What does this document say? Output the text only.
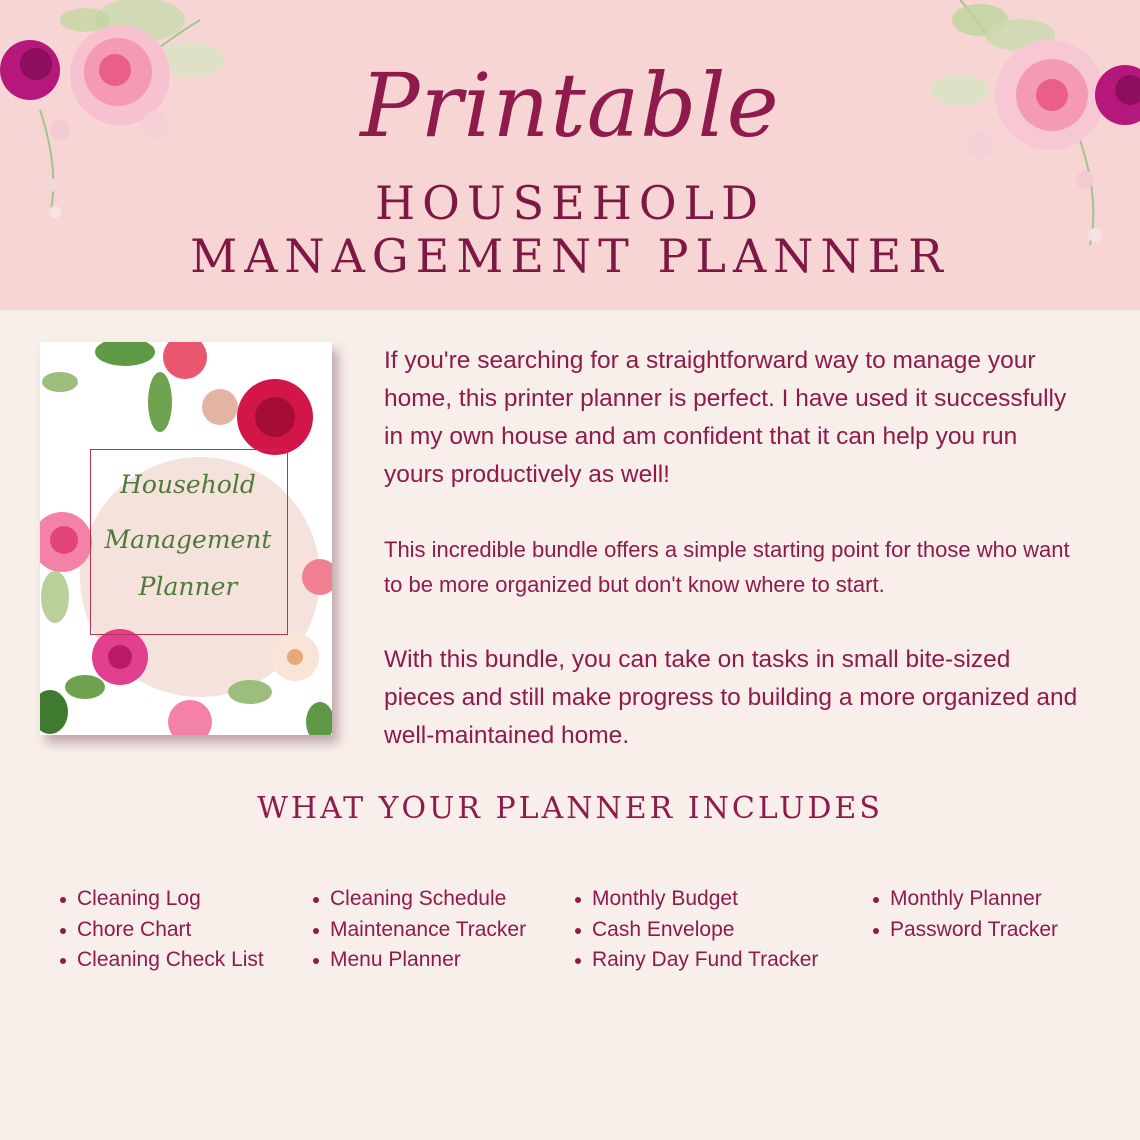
Printable
HOUSEHOLD
MANAGEMENT PLANNER
Household
Management
Planner

If you're searching for a straightforward way to manage your home, this printer planner is perfect. I have used it successfully in my own house and am confident that it can help you run yours productively as well!

This incredible bundle offers a simple starting point for those who want to be more organized but don't know where to start.

With this bundle, you can take on tasks in small bite-sized pieces and still make progress to building a more organized and well-maintained home.

WHAT YOUR PLANNER INCLUDES
Cleaning Log
Chore Chart
Cleaning Check List
Cleaning Schedule
Maintenance Tracker
Menu Planner
Monthly Budget
Cash Envelope
Rainy Day Fund Tracker
Monthly Planner
Password Tracker
